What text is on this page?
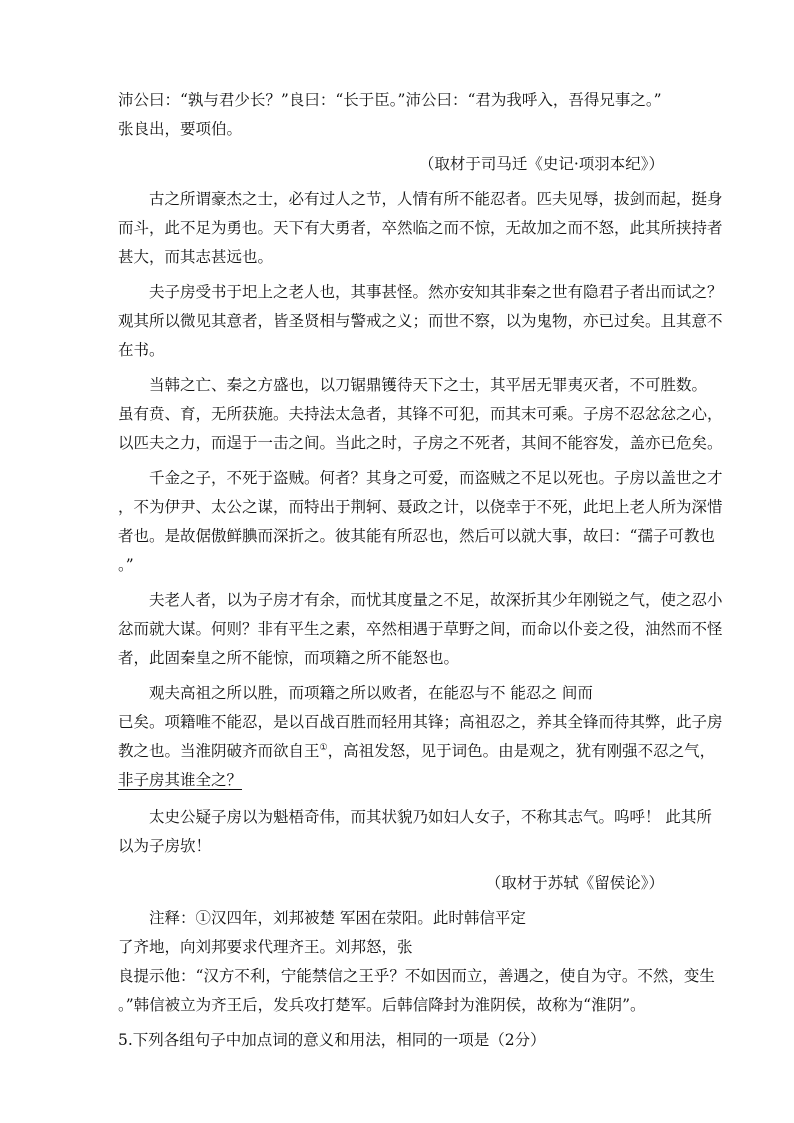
沛公曰：“孰与君少长？”良曰：“长于臣。”沛公曰：“君为我呼入，吾得兄事之。”
张良出，要项伯。
（取材于司马迁《史记·项羽本纪》）
古之所谓豪杰之士，必有过人之节，人情有所不能忍者。匹夫见辱，拔剑而起，挺身
而斗，此不足为勇也。天下有大勇者，卒然临之而不惊，无故加之而不怒，此其所挟持者
甚大，而其志甚远也。
夫子房受书于圯上之老人也，其事甚怪。然亦安知其非秦之世有隐君子者出而试之？
观其所以微见其意者，皆圣贤相与警戒之义；而世不察，以为鬼物，亦已过矣。且其意不
在书。
当韩之亡、秦之方盛也，以刀锯鼎镬待天下之士，其平居无罪夷灭者，不可胜数。
虽有贲、育，无所获施。夫持法太急者，其锋不可犯，而其末可乘。子房不忍忿忿之心，
以匹夫之力，而逞于一击之间。当此之时，子房之不死者，其间不能容发，盖亦已危矣。
千金之子，不死于盗贼。何者？其身之可爱，而盗贼之不足以死也。子房以盖世之才
，不为伊尹、太公之谋，而特出于荆轲、聂政之计，以侥幸于不死，此圯上老人所为深惜
者也。是故倨傲鲜腆而深折之。彼其能有所忍也，然后可以就大事，故曰：“孺子可教也
。”
夫老人者，以为子房才有余，而忧其度量之不足，故深折其少年刚锐之气，使之忍小
忿而就大谋。何则？非有平生之素，卒然相遇于草野之间，而命以仆妾之役，油然而不怪
者，此固秦皇之所不能惊，而项籍之所不能怒也。
观夫高祖之所以胜，而项籍之所以败者，在能忍与不 能忍之 间而
已矣。项籍唯不能忍，是以百战百胜而轻用其锋；高祖忍之，养其全锋而待其弊，此子房
教之也。当淮阴破齐而欲自王①，高祖发怒，见于词色。由是观之，犹有刚强不忍之气，
非子房其谁全之？
太史公疑子房以为魁梧奇伟，而其状貌乃如妇人女子，不称其志气。呜呼！ 此其所
以为子房欤！
（取材于苏轼《留侯论》）
注释：①汉四年，刘邦被楚 军困在荥阳。此时韩信平定
了齐地，向刘邦要求代理齐王。刘邦怒，张
良提示他：“汉方不利，宁能禁信之王乎？不如因而立，善遇之，使自为守。不然，变生
。”韩信被立为齐王后，发兵攻打楚军。后韩信降封为淮阴侯，故称为“淮阴”。
5.下列各组句子中加点词的意义和用法，相同的一项是（2分）
